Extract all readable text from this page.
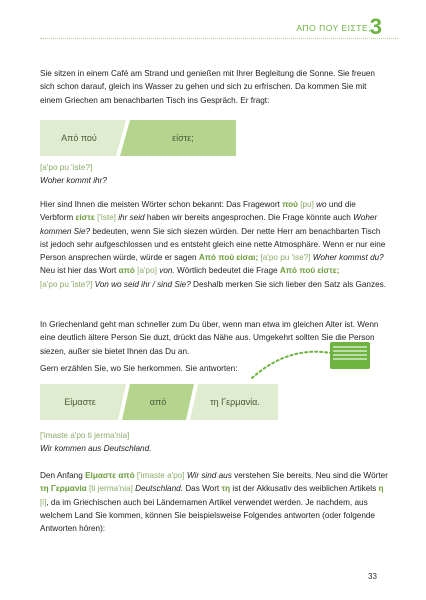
ΑΠΟ ΠΟΥ ΕΙΣΤΕ;
3

Sie sitzen in einem Café am Strand und genießen mit Ihrer Begleitung die Sonne. Sie freuen sich schon darauf, gleich ins Wasser zu gehen und sich zu erfrischen. Da kommen Sie mit einem Griechen am benachbarten Tisch ins Gespräch. Er fragt:

Από πού	είστε;
[a'po pu 'iste?]
Woher kommt ihr?

Hier sind Ihnen die meisten Wörter schon bekannt: Das Fragewort πού [pu] wo und die Verbform είστε ['iste] ihr seid haben wir bereits angesprochen. Die Frage könnte auch Woher kommen Sie? bedeuten, wenn Sie sich siezen würden. Der nette Herr am benachbarten Tisch ist jedoch sehr aufgeschlossen und es entsteht gleich eine nette Atmosphäre. Wenn er nur eine Person ansprechen würde, würde er sagen Από πού είσαι; [a'po pu 'ise?] Woher kommst du?
Neu ist hier das Wort από [a'po] von. Wörtlich bedeutet die Frage Από πού είστε;
[a'po pu 'iste?] Von wo seid ihr / sind Sie? Deshalb merken Sie sich lieber den Satz als Ganzes.

In Griechenland geht man schneller zum Du über, wenn man etwa im gleichen Alter ist. Wenn eine deutlich ältere Person Sie duzt, drückt das Nähe aus. Umgekehrt sollten Sie die Person siezen, außer sie bietet Ihnen das Du an.

Gern erzählen Sie, wo Sie herkommen. Sie antworten:

Είμαστε	από	τη Γερμανία.
['imaste a'po ti jerma'nia]
Wir kommen aus Deutschland.

Den Anfang Είμαστε από ['imaste a'po] Wir sind aus verstehen Sie bereits. Neu sind die Wörter τη Γερμανία [ti jerma'nia] Deutschland. Das Wort τη ist der Akkusativ des weiblichen Artikels η [i], da im Griechischen auch bei Ländernamen Artikel verwendet werden. Je nachdem, aus welchem Land Sie kommen, können Sie beispielsweise Folgendes antworten (oder folgende Antworten hören):

33
